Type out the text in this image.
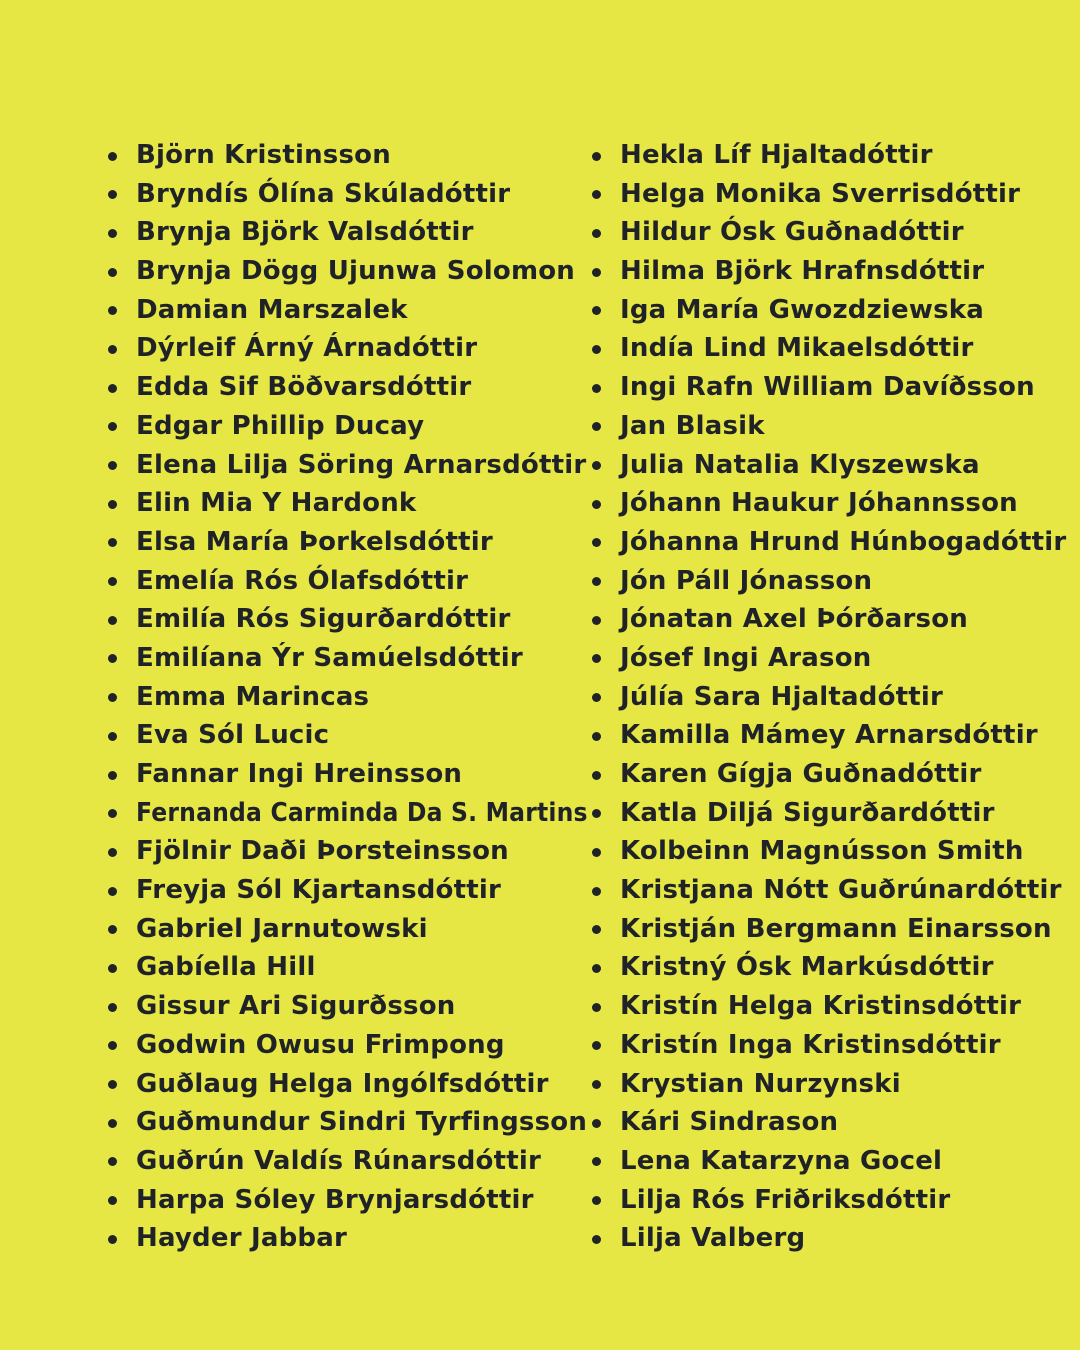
Björn Kristinsson
Bryndís Ólína Skúladóttir
Brynja Björk Valsdóttir
Brynja Dögg Ujunwa Solomon
Damian Marszalek
Dýrleif Árný Árnadóttir
Edda Sif Böðvarsdóttir
Edgar Phillip Ducay
Elena Lilja Söring Arnarsdóttir
Elin Mia Y Hardonk
Elsa María Þorkelsdóttir
Emelía Rós Ólafsdóttir
Emilía Rós Sigurðardóttir
Emilíana Ýr Samúelsdóttir
Emma Marincas
Eva Sól Lucic
Fannar Ingi Hreinsson
Fernanda Carminda Da S. Martins
Fjölnir Daði Þorsteinsson
Freyja Sól Kjartansdóttir
Gabriel Jarnutowski
Gabíella Hill
Gissur Ari Sigurðsson
Godwin Owusu Frimpong
Guðlaug Helga Ingólfsdóttir
Guðmundur Sindri Tyrfingsson
Guðrún Valdís Rúnarsdóttir
Harpa Sóley Brynjarsdóttir
Hayder Jabbar
Hekla Líf Hjaltadóttir
Helga Monika Sverrisdóttir
Hildur Ósk Guðnadóttir
Hilma Björk Hrafnsdóttir
Iga María Gwozdziewska
Indía Lind Mikaelsdóttir
Ingi Rafn William Davíðsson
Jan Blasik
Julia Natalia Klyszewska
Jóhann Haukur Jóhannsson
Jóhanna Hrund Húnbogadóttir
Jón Páll Jónasson
Jónatan Axel Þórðarson
Jósef Ingi Arason
Júlía Sara Hjaltadóttir
Kamilla Mámey Arnarsdóttir
Karen Gígja Guðnadóttir
Katla Diljá Sigurðardóttir
Kolbeinn Magnússon Smith
Kristjana Nótt Guðrúnardóttir
Kristján Bergmann Einarsson
Kristný Ósk Markúsdóttir
Kristín Helga Kristinsdóttir
Kristín Inga Kristinsdóttir
Krystian Nurzynski
Kári Sindrason
Lena Katarzyna Gocel
Lilja Rós Friðriksdóttir
Lilja Valberg
